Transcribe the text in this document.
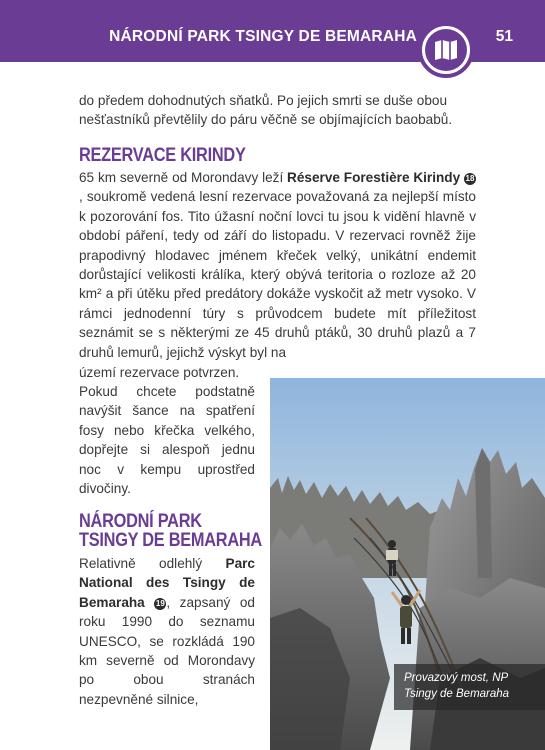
NÁRODNÍ PARK TSINGY DE BEMARAHA	51

do předem dohodnutých sňatků. Po jejich smrti se duše obou

nešťastníků převtělily do páru věčně se objímajících baobabů.

REZERVACE KIRINDY

65 km severně od Morondavy leží Réserve Forestière Kirindy 18, soukromě vedená lesní rezervace považovaná za nejlepší místo k pozorování fos. Tito úžasní noční lovci tu jsou k vidění hlavně v období páření, tedy od září do listopadu. V rezervaci rovněž žije prapodivný hlodavec jménem křeček velký, unikátní endemit dorůstající velikosti králíka, který obývá teritoria o rozloze až 20 km² a při útěku před predátory dokáže vyskočit až metr vysoko. V rámci jednodenní túry s průvodcem budete mít příležitost seznámit se s některými ze 45 druhů ptáků, 30 druhů plazů a 7 druhů lemurů, jejichž výskyt byl na

území rezervace potvrzen.

Pokud chcete podstatně navýšit šance na spatření fosy nebo křečka velkého, dopřejte si alespoň jednu noc v kempu uprostřed divočiny.

NÁRODNÍ PARK
TSINGY DE BEMARAHA

Relativně odlehlý Parc National des Tsingy de Bemaraha 19 , zapsaný od roku 1990 do seznamu UNESCO, se rozkládá 190 km severně od Morondavy po obou stranách nezpevněné silnice,

Provazový most, NP
Tsingy de Bemaraha
